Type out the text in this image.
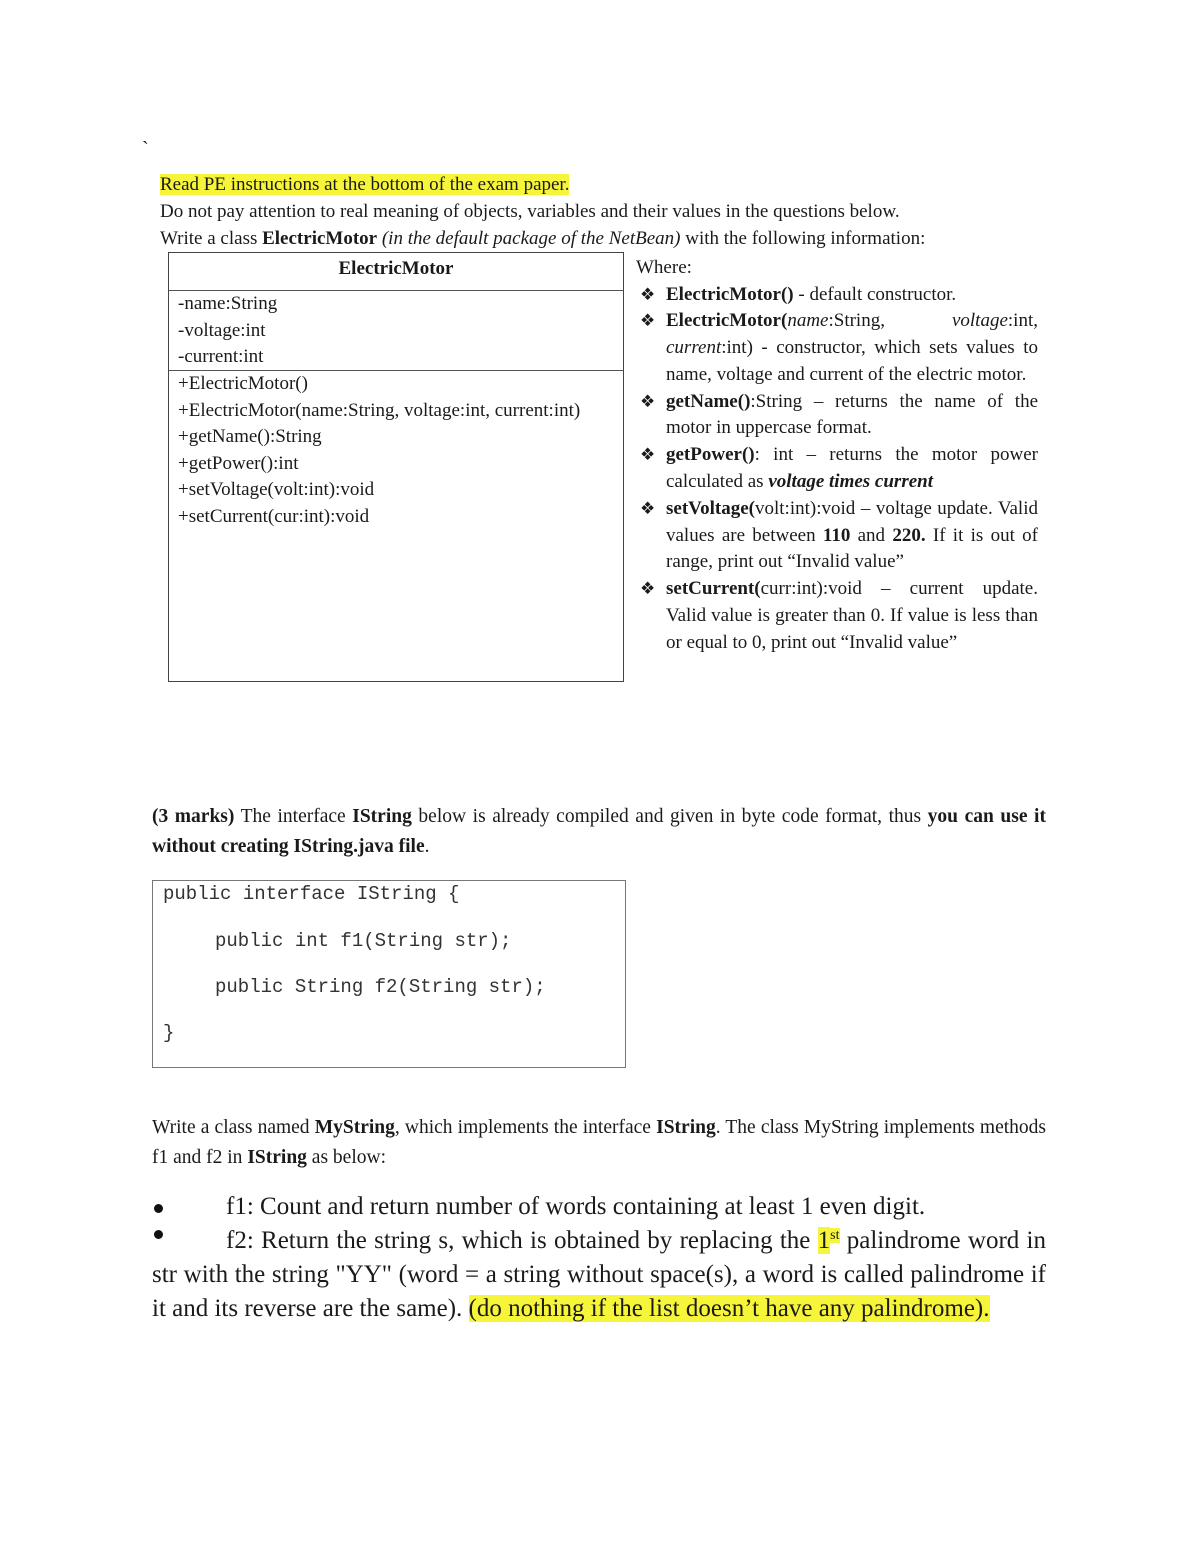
`
Read PE instructions at the bottom of the exam paper.
Do not pay attention to real meaning of objects, variables and their values in the questions below.
Write a class ElectricMotor (in the default package of the NetBean) with the following information:
ElectricMotor
-name:String
-voltage:int
-current:int
+ElectricMotor()
+ElectricMotor(name:String, voltage:int, current:int)
+getName():String
+getPower():int
+setVoltage(volt:int):void
+setCurrent(cur:int):void
Where:
❖ ElectricMotor() - default constructor.
❖ ElectricMotor(name:String,	voltage:int, current:int) - constructor, which sets values to name, voltage and current of the electric motor.
❖ getName():String – returns the name of the motor in uppercase format.
❖ getPower(): int – returns the motor power calculated as voltage times current
❖ setVoltage(volt:int):void – voltage update. Valid values are between 110 and 220. If it is out of range, print out “Invalid value”
❖ setCurrent(curr:int):void – current update. Valid value is greater than 0. If value is less than or equal to 0, print out “Invalid value”
(3 marks) The interface IString below is already compiled and given in byte code format, thus you can use it without creating IString.java file.
public interface IString {
public int f1(String str);
public String f2(String str);
}
Write a class named MyString, which implements the interface IString. The class MyString implements methods f1 and f2 in IString as below:
f1: Count and return number of words containing at least 1 even digit.
f2: Return the string s, which is obtained by replacing the 1st palindrome word in str with the string "YY" (word = a string without space(s), a word is called palindrome if it and its reverse are the same). (do nothing if the list doesn’t have any palindrome).
